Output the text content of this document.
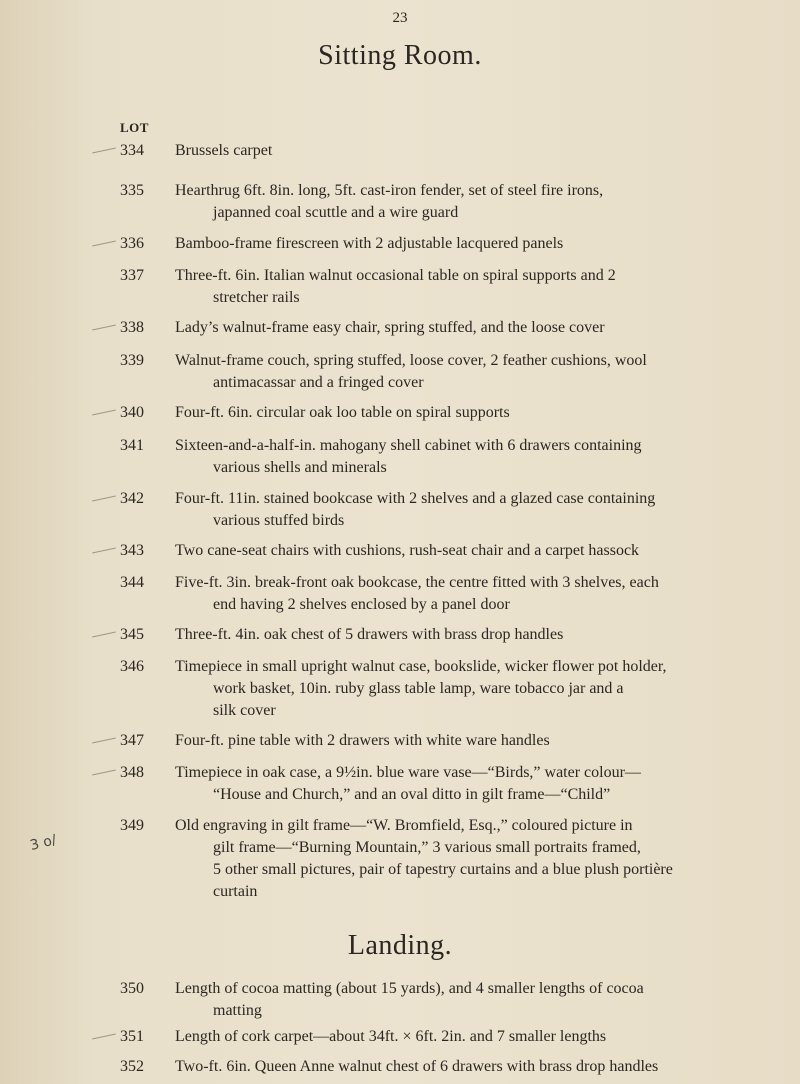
23
Sitting Room.
LOT
334	Brussels carpet
335	Hearthrug 6ft. 8in. long, 5ft. cast-iron fender, set of steel fire irons,
japanned coal scuttle and a wire guard
336	Bamboo-frame firescreen with 2 adjustable lacquered panels
337	Three-ft. 6in. Italian walnut occasional table on spiral supports and 2
stretcher rails
338	Lady’s walnut-frame easy chair, spring stuffed, and the loose cover
339	Walnut-frame couch, spring stuffed, loose cover, 2 feather cushions, wool
antimacassar and a fringed cover
340	Four-ft. 6in. circular oak loo table on spiral supports
341	Sixteen-and-a-half-in. mahogany shell cabinet with 6 drawers containing
various shells and minerals
342	Four-ft. 11in. stained bookcase with 2 shelves and a glazed case containing
various stuffed birds
343	Two cane-seat chairs with cushions, rush-seat chair and a carpet hassock
344	Five-ft. 3in. break-front oak bookcase, the centre fitted with 3 shelves, each
end having 2 shelves enclosed by a panel door
345	Three-ft. 4in. oak chest of 5 drawers with brass drop handles
346	Timepiece in small upright walnut case, bookslide, wicker flower pot holder,
work basket, 10in. ruby glass table lamp, ware tobacco jar and a
silk cover
347	Four-ft. pine table with 2 drawers with white ware handles
348	Timepiece in oak case, a 9½in. blue ware vase—“Birds,” water colour—
“House and Church,” and an oval ditto in gilt frame—“Child”
349	Old engraving in gilt frame—“W. Bromfield, Esq.,” coloured picture in
gilt frame—“Burning Mountain,” 3 various small portraits framed,
5 other small pictures, pair of tapestry curtains and a blue plush portière
curtain
Landing.
350	Length of cocoa matting (about 15 yards), and 4 smaller lengths of cocoa
matting
351	Length of cork carpet—about 34ft. × 6ft. 2in. and 7 smaller lengths
352	Two-ft. 6in. Queen Anne walnut chest of 6 drawers with brass drop handles
3 o/
